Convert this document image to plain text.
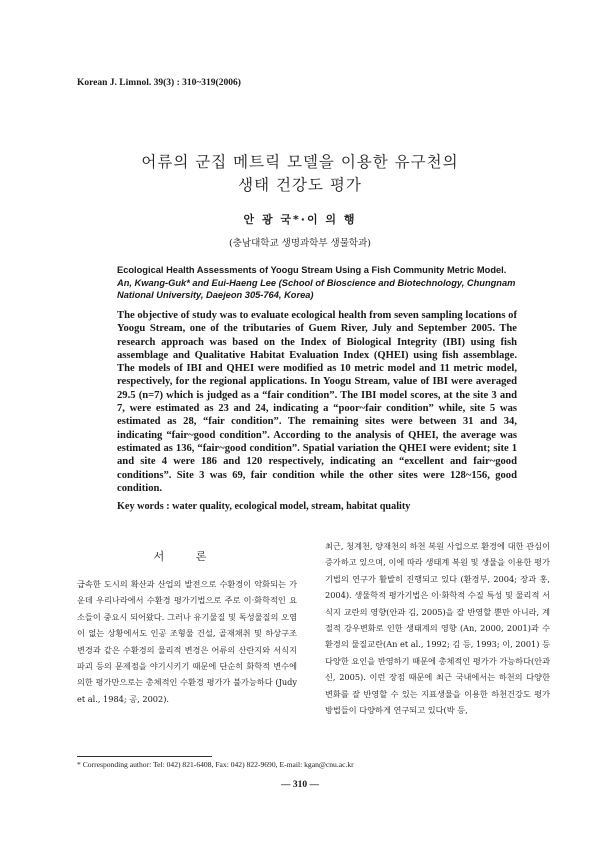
Korean J. Limnol. 39(3) : 310~319(2006)
어류의 군집 메트릭 모델을 이용한 유구천의
생태 건강도 평가
안 광 국*·이 의 행
(충남대학교 생명과학부 생물학과)
Ecological Health Assessments of Yoogu Stream Using a Fish Community Metric Model. An, Kwang-Guk* and Eui-Haeng Lee (School of Bioscience and Biotechnology, Chungnam National University, Daejeon 305-764, Korea)

The objective of study was to evaluate ecological health from seven sampling locations of Yoogu Stream, one of the tributaries of Guem River, July and September 2005. The research approach was based on the Index of Biological Integrity (IBI) using fish assemblage and Qualitative Habitat Evaluation Index (QHEI) using fish assemblage. The models of IBI and QHEI were modified as 10 metric model and 11 metric model, respectively, for the regional applications. In Yoogu Stream, value of IBI were averaged 29.5 (n=7) which is judged as a “fair condition”. The IBI model scores, at the site 3 and 7, were estimated as 23 and 24, indicating a “poor~fair condition” while, site 5 was estimated as 28, “fair condition”. The remaining sites were between 31 and 34, indicating “fair~good condition”. According to the analysis of QHEI, the average was estimated as 136, “fair~good condition”. Spatial variation the QHEI were evident; site 1 and site 4 were 186 and 120 respectively, indicating an “excellent and fair~good conditions”. Site 3 was 69, fair condition while the other sites were 128~156, good condition.

Key words : water quality, ecological model, stream, habitat quality
서 론

급속한 도시의 확산과 산업의 발전으로 수환경이 악화되는 가운데 우리나라에서 수환경 평가기법으로 주로 이·화학적인 요소들이 중요시 되어왔다. 그러나 유기물질 및 독성물질의 오염이 없는 상황에서도 인공 조형물 건설, 골재채취 및 하상구조 변경과 같은 수환경의 물리적 변경은 어류의 산란지와 서식지 파괴 등의 문제점을 야기시키기 때문에 단순히 화학적 변수에 의한 평가만으로는 총체적인 수환경 평가가 불가능하다 (Judy et al., 1984; 공, 2002).

최근, 청계천, 양재천의 하천 복원 사업으로 환경에 대한 관심이 증가하고 있으며, 이에 따라 생태계 복원 및 생물을 이용한 평가기법의 연구가 활발히 진행되고 있다 (환경부, 2004; 장과 홍, 2004). 생물학적 평가기법은 이·화학적 수질 특성 및 물리적 서식지 교란의 영향(안과 김, 2005)을 잘 반영할 뿐만 아니라, 계절적 강우변화로 인한 생태계의 영향 (An, 2000, 2001)과 수환경의 물질교란(An et al., 1992; 김 등, 1993; 이, 2001) 등 다양한 요인을 반영하기 때문에 총체적인 평가가 가능하다(안과 신, 2005). 이런 장점 때문에 최근 국내에서는 하천의 다양한 변화를 잘 반영할 수 있는 지표생물을 이용한 하천건강도 평가 방법들이 다양하게 연구되고 있다(박 등,

* Corresponding author: Tel: 042) 821-6408, Fax: 042) 822-9690, E-mail: kgan@cnu.ac.kr
— 310 —
